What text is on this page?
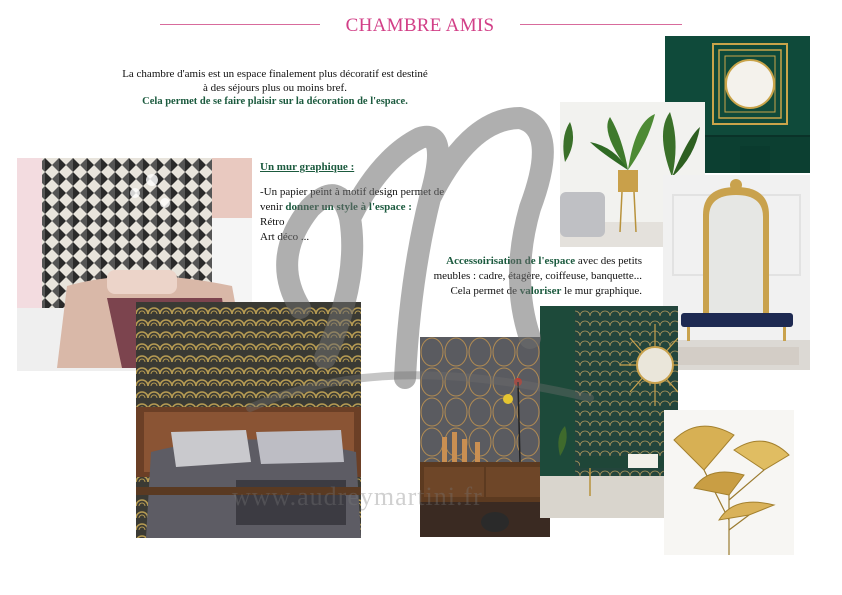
CHAMBRE AMIS
La chambre d'amis est un espace finalement plus décoratif est destiné
à des séjours plus ou moins bref.
Cela permet de se faire plaisir sur la décoration de l'espace.
Un mur graphique :
-Un papier peint à motif design permet de
venir donner un style à l'espace :
Rétro
Art déco ...
Accessoirisation de l'espace avec des petits
meubles : cadre, étagère, coiffeuse, banquette...
Cela permet de valoriser le mur graphique.
www.audreymartini.fr
